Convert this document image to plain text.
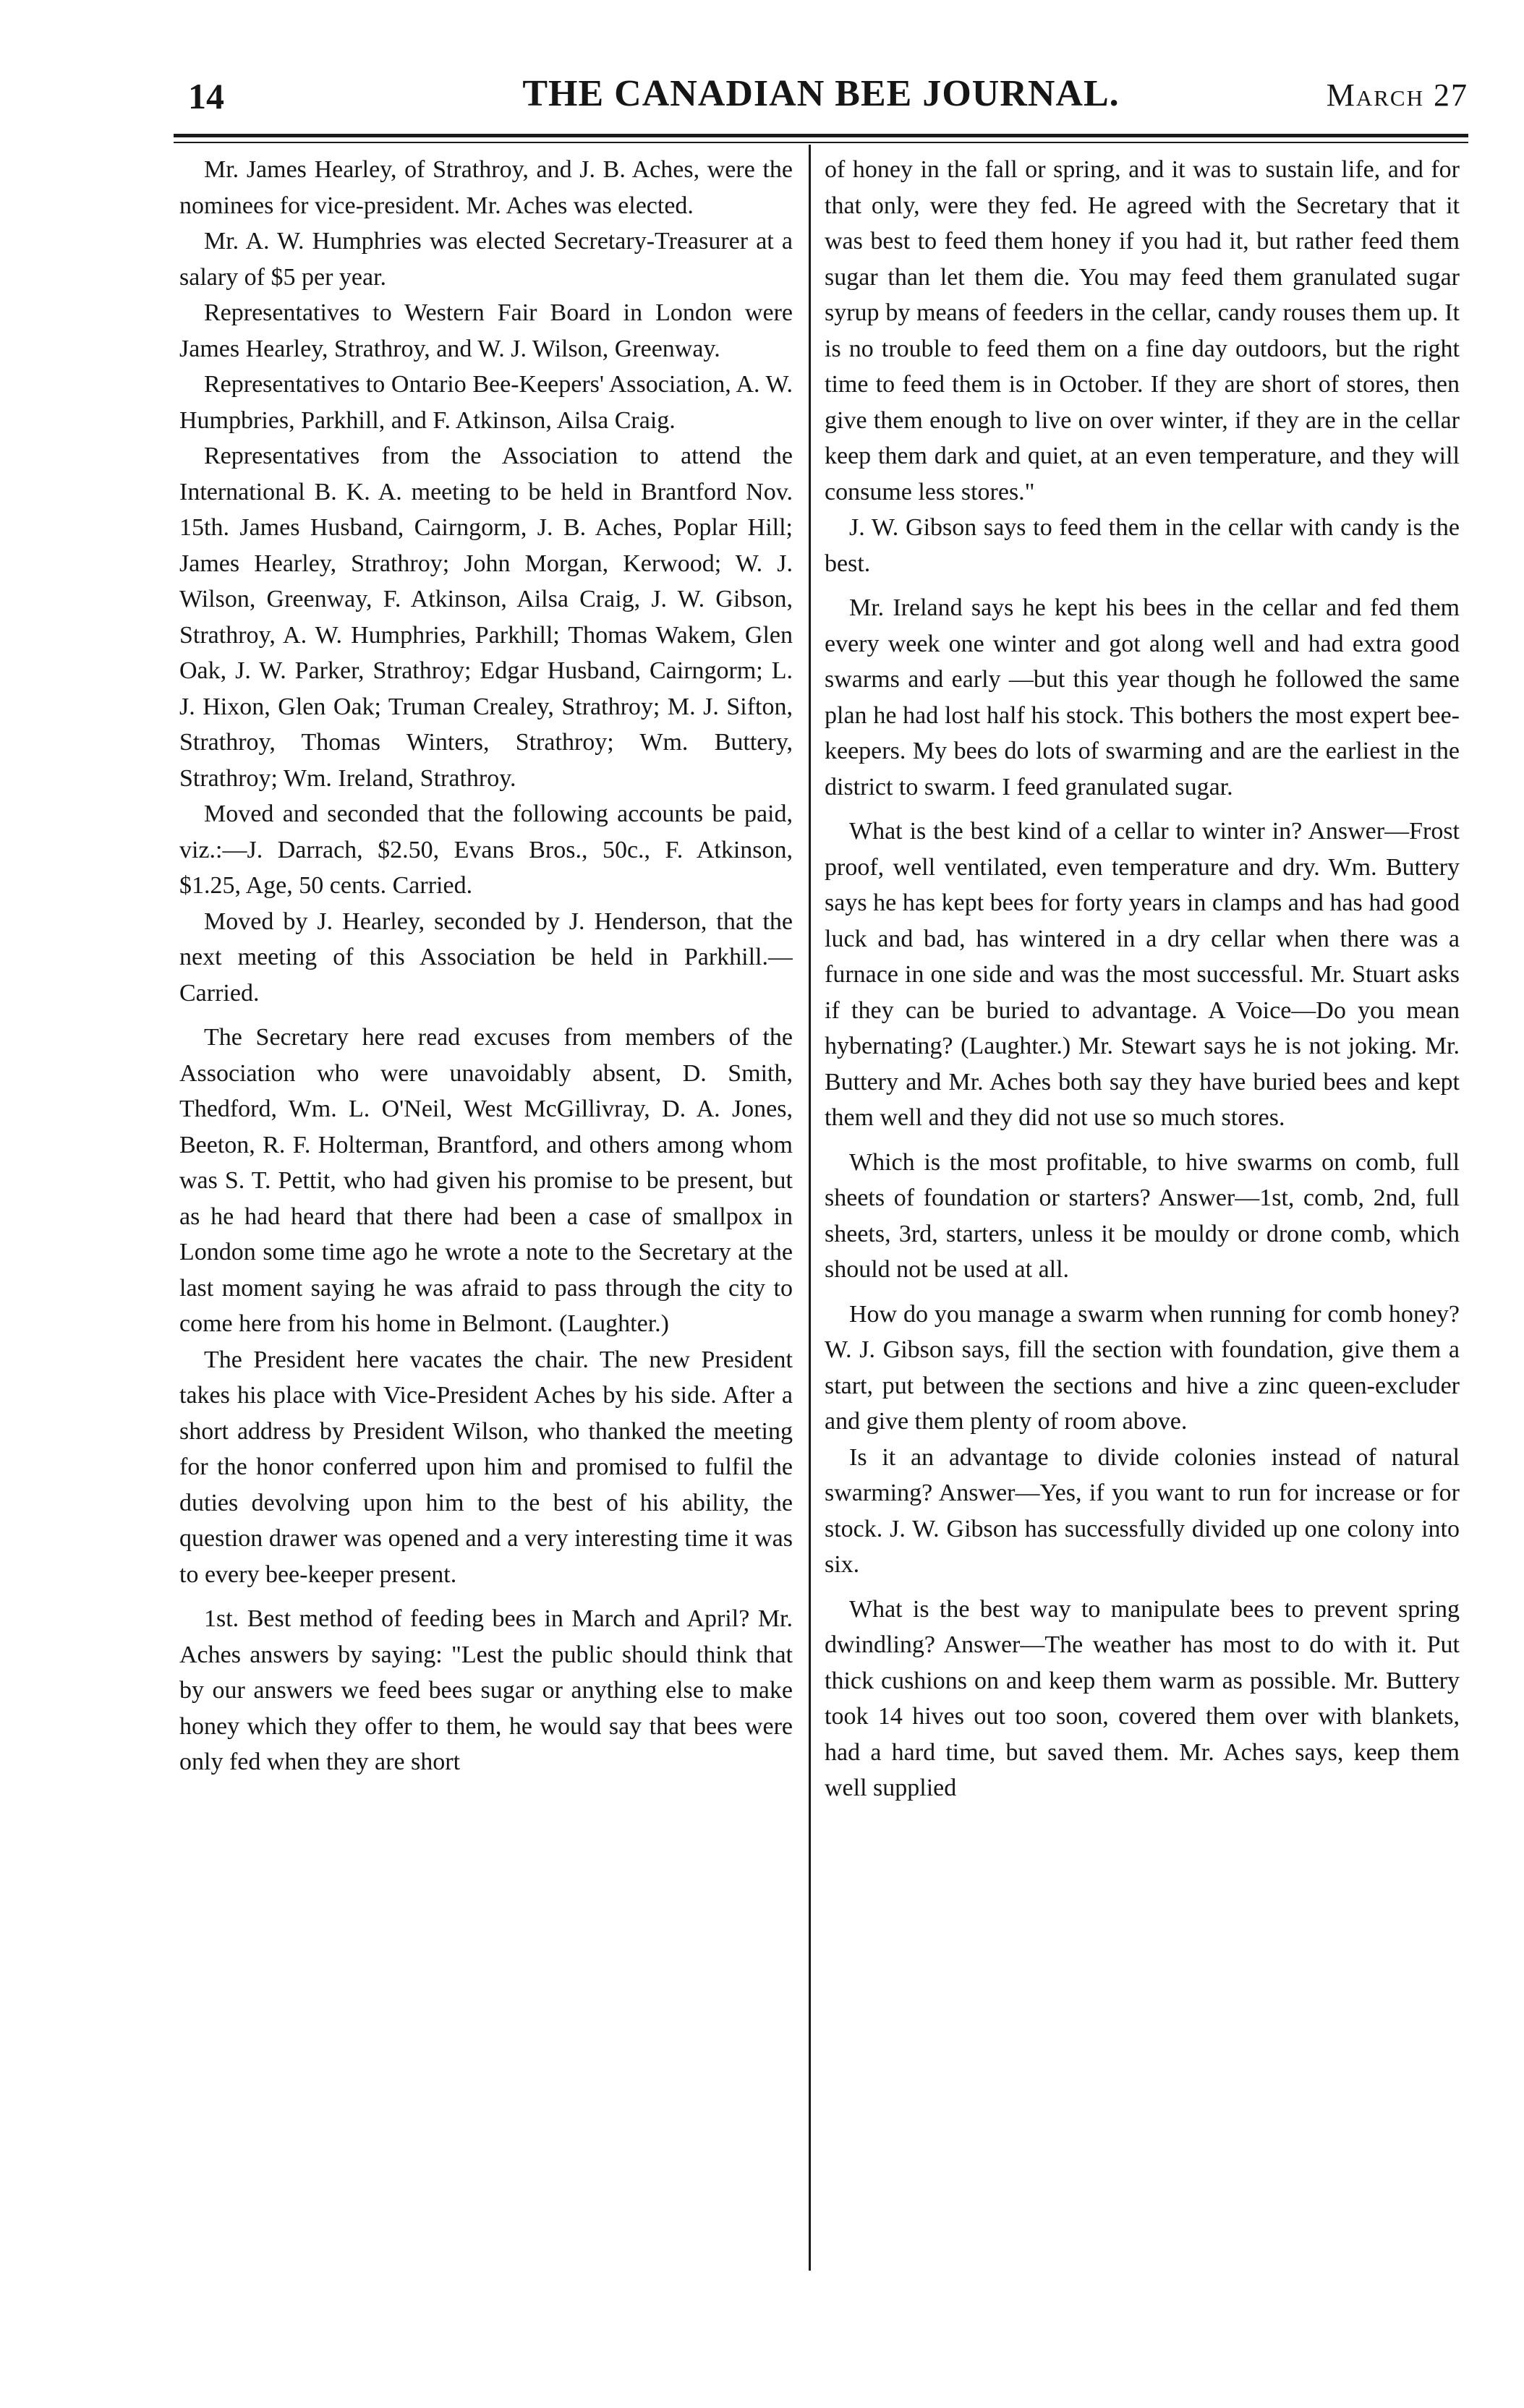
14	THE CANADIAN BEE JOURNAL.	March 27

Mr. James Hearley, of Strathroy, and J. B. Aches, were the nominees for vice-president. Mr. Aches was elected.

Mr. A. W. Humphries was elected Secretary-Treasurer at a salary of $5 per year.

Representatives to Western Fair Board in London were James Hearley, Strathroy, and W. J. Wilson, Greenway.

Representatives to Ontario Bee-Keepers' Association, A. W. Humpbries, Parkhill, and F. Atkinson, Ailsa Craig.

Representatives from the Association to attend the International B. K. A. meeting to be held in Brantford Nov. 15th. James Husband, Cairngorm, J. B. Aches, Poplar Hill; James Hearley, Strathroy; John Morgan, Kerwood; W. J. Wilson, Greenway, F. Atkinson, Ailsa Craig, J. W. Gibson, Strathroy, A. W. Humphries, Parkhill; Thomas Wakem, Glen Oak, J. W. Parker, Strathroy; Edgar Husband, Cairngorm; L. J. Hixon, Glen Oak; Truman Crealey, Strathroy; M. J. Sifton, Strathroy, Thomas Winters, Strathroy; Wm. Buttery, Strathroy; Wm. Ireland, Strathroy.

Moved and seconded that the following accounts be paid, viz.:—J. Darrach, $2.50, Evans Bros., 50c., F. Atkinson, $1.25, Age, 50 cents. Carried.

Moved by J. Hearley, seconded by J. Henderson, that the next meeting of this Association be held in Parkhill.—Carried.

The Secretary here read excuses from members of the Association who were unavoidably absent, D. Smith, Thedford, Wm. L. O'Neil, West McGillivray, D. A. Jones, Beeton, R. F. Holterman, Brantford, and others among whom was S. T. Pettit, who had given his promise to be present, but as he had heard that there had been a case of smallpox in London some time ago he wrote a note to the Secretary at the last moment saying he was afraid to pass through the city to come here from his home in Belmont. (Laughter.)

The President here vacates the chair. The new President takes his place with Vice-President Aches by his side. After a short address by President Wilson, who thanked the meeting for the honor conferred upon him and promised to fulfil the duties devolving upon him to the best of his ability, the question drawer was opened and a very interesting time it was to every bee-keeper present.

1st. Best method of feeding bees in March and April? Mr. Aches answers by saying: "Lest the public should think that by our answers we feed bees sugar or anything else to make honey which they offer to them, he would say that bees were only fed when they are short

of honey in the fall or spring, and it was to sustain life, and for that only, were they fed. He agreed with the Secretary that it was best to feed them honey if you had it, but rather feed them sugar than let them die. You may feed them granulated sugar syrup by means of feeders in the cellar, candy rouses them up. It is no trouble to feed them on a fine day outdoors, but the right time to feed them is in October. If they are short of stores, then give them enough to live on over winter, if they are in the cellar keep them dark and quiet, at an even temperature, and they will consume less stores."

J. W. Gibson says to feed them in the cellar with candy is the best.

Mr. Ireland says he kept his bees in the cellar and fed them every week one winter and got along well and had extra good swarms and early —but this year though he followed the same plan he had lost half his stock. This bothers the most expert bee-keepers. My bees do lots of swarming and are the earliest in the district to swarm. I feed granulated sugar.

What is the best kind of a cellar to winter in? Answer—Frost proof, well ventilated, even temperature and dry. Wm. Buttery says he has kept bees for forty years in clamps and has had good luck and bad, has wintered in a dry cellar when there was a furnace in one side and was the most successful. Mr. Stuart asks if they can be buried to advantage. A Voice—Do you mean hybernating? (Laughter.) Mr. Stewart says he is not joking. Mr. Buttery and Mr. Aches both say they have buried bees and kept them well and they did not use so much stores.

Which is the most profitable, to hive swarms on comb, full sheets of foundation or starters? Answer—1st, comb, 2nd, full sheets, 3rd, starters, unless it be mouldy or drone comb, which should not be used at all.

How do you manage a swarm when running for comb honey? W. J. Gibson says, fill the section with foundation, give them a start, put between the sections and hive a zinc queen-excluder and give them plenty of room above.

Is it an advantage to divide colonies instead of natural swarming? Answer—Yes, if you want to run for increase or for stock. J. W. Gibson has successfully divided up one colony into six.

What is the best way to manipulate bees to prevent spring dwindling? Answer—The weather has most to do with it. Put thick cushions on and keep them warm as possible. Mr. Buttery took 14 hives out too soon, covered them over with blankets, had a hard time, but saved them. Mr. Aches says, keep them well supplied
